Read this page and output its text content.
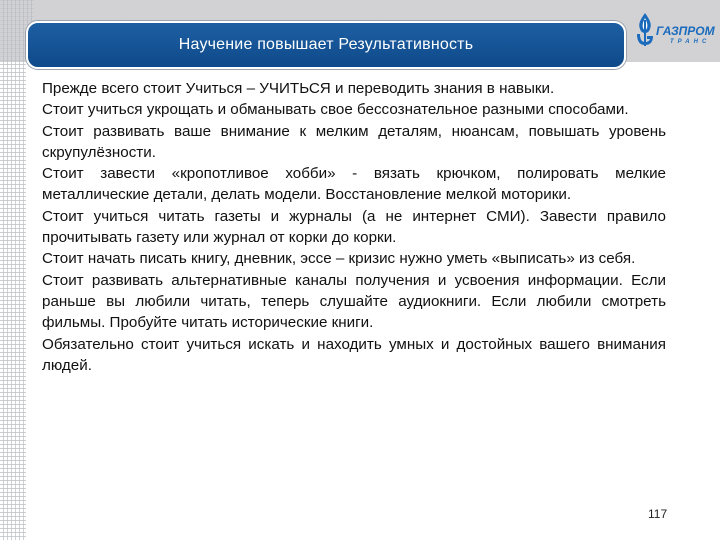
Научение повышает Результативность
ГАЗПРОМ
ТРАНС

Прежде всего стоит Учиться – УЧИТЬСЯ и переводить знания в навыки.

Стоит учиться укрощать и обманывать свое бессознательное разными способами.

Стоит развивать ваше внимание к мелким деталям, нюансам, повышать уровень скрупулёзности.

Стоит завести «кропотливое хобби» - вязать крючком, полировать мелкие металлические детали, делать модели. Восстановление мелкой моторики.

Стоит учиться читать газеты и журналы (а не интернет СМИ). Завести правило прочитывать газету или журнал от корки до корки.

Стоит начать писать книгу, дневник, эссе – кризис нужно уметь «выписать» из себя.

Стоит развивать альтернативные каналы получения и усвоения информации. Если раньше вы любили читать, теперь слушайте аудиокниги. Если любили смотреть фильмы. Пробуйте читать исторические книги.

Обязательно стоит учиться искать и находить умных и достойных вашего внимания людей.

117
